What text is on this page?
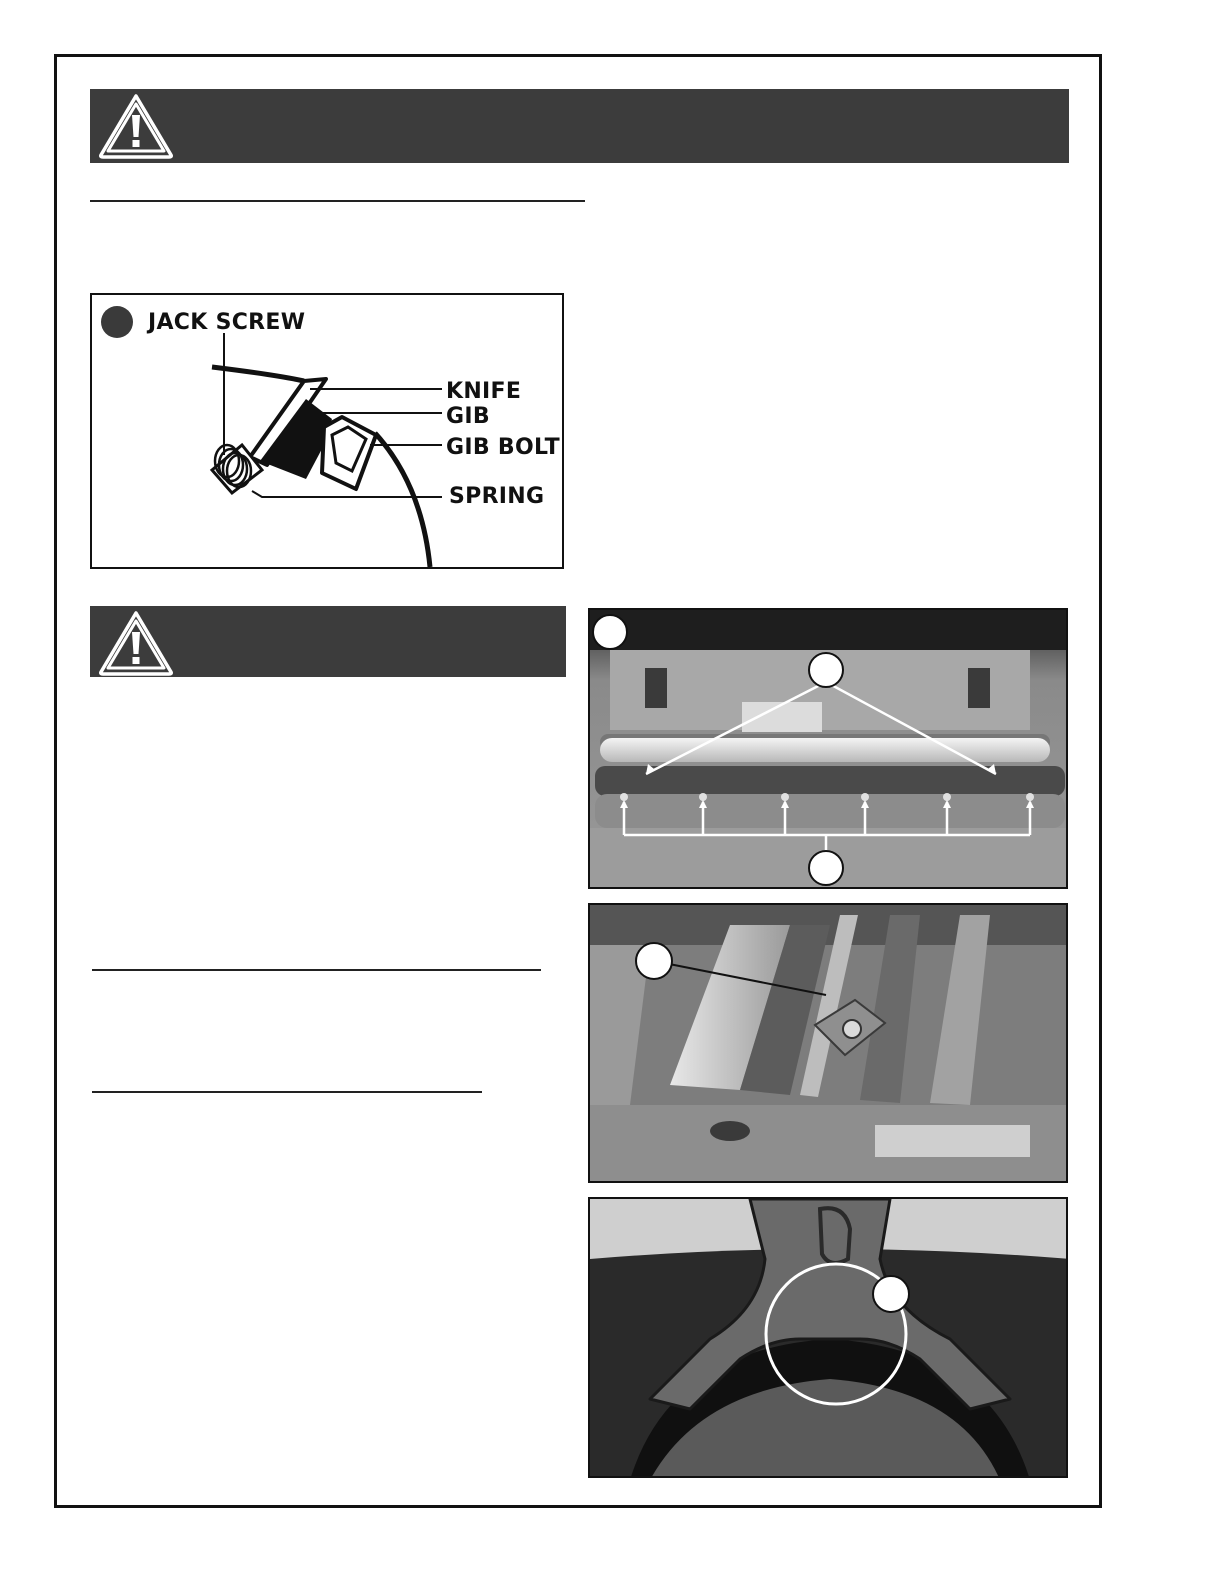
JACK SCREW
KNIFE
GIB
GIB BOLT
SPRING
